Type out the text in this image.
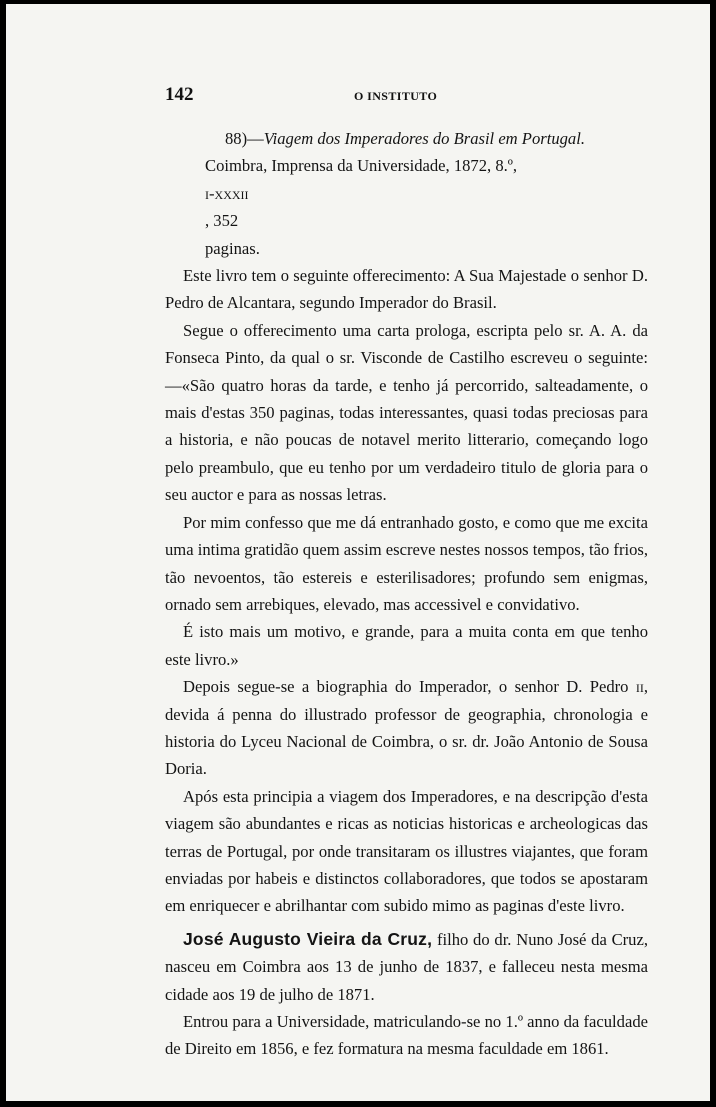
142	O INSTITUTO
88)—Viagem dos Imperadores do Brasil em Portugal.
Coimbra, Imprensa da Universidade, 1872, 8.º,
i-xxxii
, 352
paginas.

Este livro tem o seguinte offerecimento: A Sua Majestade o senhor D. Pedro de Alcantara, segundo Imperador do Brasil.

Segue o offerecimento uma carta prologa, escripta pelo sr. A. A. da Fonseca Pinto, da qual o sr. Visconde de Castilho escreveu o seguinte:—«São quatro horas da tarde, e tenho já percorrido, salteadamente, o mais d'estas 350 paginas, todas interessantes, quasi todas preciosas para a historia, e não poucas de notavel merito litterario, começando logo pelo preambulo, que eu tenho por um verdadeiro titulo de gloria para o seu auctor e para as nossas letras.

Por mim confesso que me dá entranhado gosto, e como que me excita uma intima gratidão quem assim escreve nestes nossos tempos, tão frios, tão nevoentos, tão estereis e esterilisadores; profundo sem enigmas, ornado sem arrebiques, elevado, mas accessivel e convidativo.

É isto mais um motivo, e grande, para a muita conta em que tenho este livro.»

Depois segue-se a biographia do Imperador, o senhor D. Pedro ii, devida á penna do illustrado professor de geographia, chronologia e historia do Lyceu Nacional de Coimbra, o sr. dr. João Antonio de Sousa Doria.

Após esta principia a viagem dos Imperadores, e na descripção d'esta viagem são abundantes e ricas as noticias historicas e archeologicas das terras de Portugal, por onde transitaram os illustres viajantes, que foram enviadas por habeis e distinctos collaboradores, que todos se apostaram em enriquecer e abrilhantar com subido mimo as paginas d'este livro.

José Augusto Vieira da Cruz, filho do dr. Nuno José da Cruz, nasceu em Coimbra aos 13 de junho de 1837, e falleceu nesta mesma cidade aos 19 de julho de 1871.

Entrou para a Universidade, matriculando-se no 1.º anno da faculdade de Direito em 1856, e fez formatura na mesma faculdade em 1861.
